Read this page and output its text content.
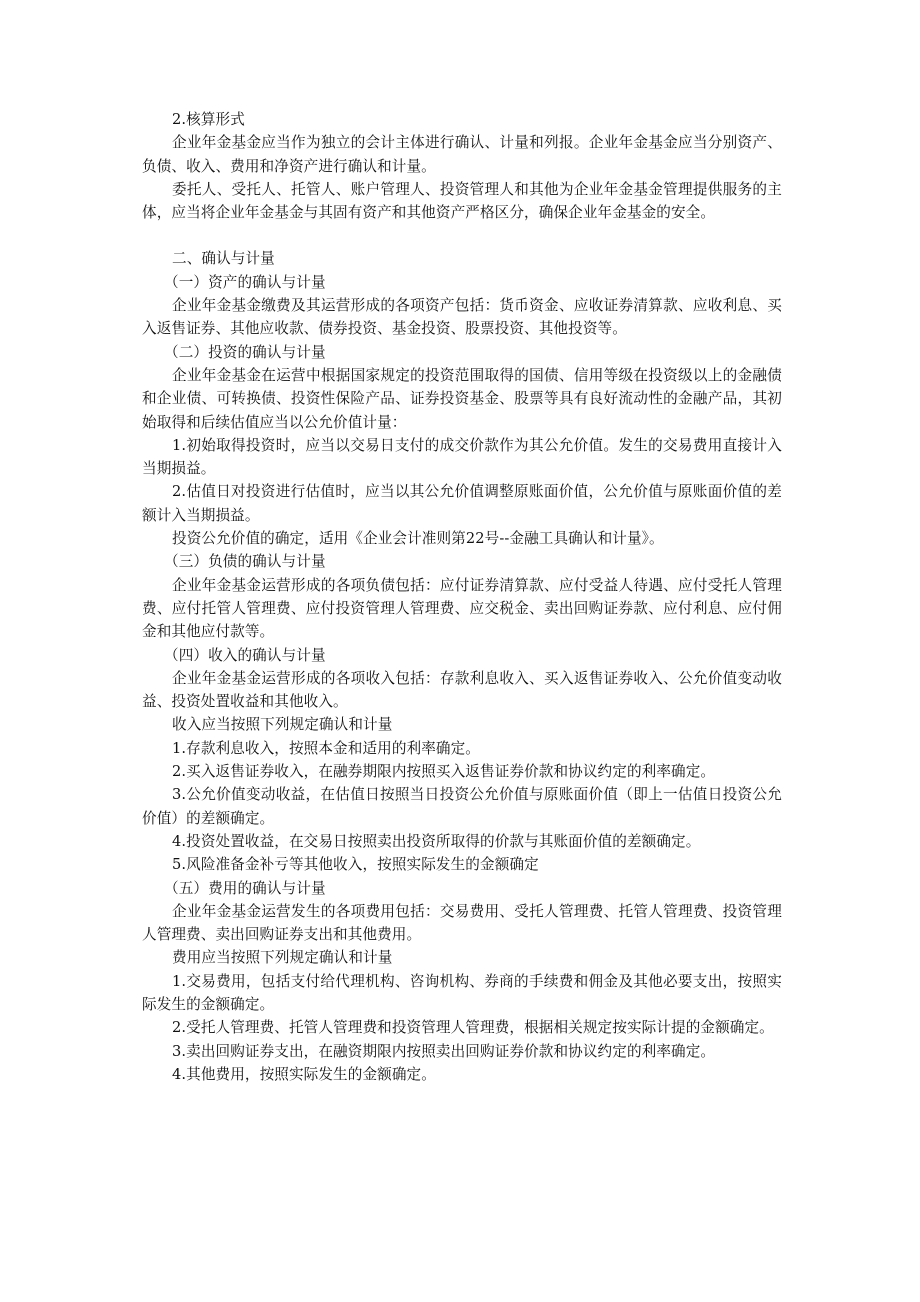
2.核算形式

企业年金基金应当作为独立的会计主体进行确认、计量和列报。企业年金基金应当分别资产、负债、收入、费用和净资产进行确认和计量。

委托人、受托人、托管人、账户管理人、投资管理人和其他为企业年金基金管理提供服务的主体，应当将企业年金基金与其固有资产和其他资产严格区分，确保企业年金基金的安全。

二、确认与计量

（一）资产的确认与计量

企业年金基金缴费及其运营形成的各项资产包括：货币资金、应收证券清算款、应收利息、买入返售证券、其他应收款、债券投资、基金投资、股票投资、其他投资等。

（二）投资的确认与计量

企业年金基金在运营中根据国家规定的投资范围取得的国债、信用等级在投资级以上的金融债和企业债、可转换债、投资性保险产品、证券投资基金、股票等具有良好流动性的金融产品，其初始取得和后续估值应当以公允价值计量：

1.初始取得投资时，应当以交易日支付的成交价款作为其公允价值。发生的交易费用直接计入当期损益。

2.估值日对投资进行估值时，应当以其公允价值调整原账面价值，公允价值与原账面价值的差额计入当期损益。

投资公允价值的确定，适用《企业会计准则第22号--金融工具确认和计量》。

（三）负债的确认与计量

企业年金基金运营形成的各项负债包括：应付证券清算款、应付受益人待遇、应付受托人管理费、应付托管人管理费、应付投资管理人管理费、应交税金、卖出回购证券款、应付利息、应付佣金和其他应付款等。

（四）收入的确认与计量

企业年金基金运营形成的各项收入包括：存款利息收入、买入返售证券收入、公允价值变动收益、投资处置收益和其他收入。

收入应当按照下列规定确认和计量

1.存款利息收入，按照本金和适用的利率确定。

2.买入返售证券收入，在融券期限内按照买入返售证券价款和协议约定的利率确定。

3.公允价值变动收益，在估值日按照当日投资公允价值与原账面价值（即上一估值日投资公允价值）的差额确定。

4.投资处置收益，在交易日按照卖出投资所取得的价款与其账面价值的差额确定。

5.风险准备金补亏等其他收入，按照实际发生的金额确定

（五）费用的确认与计量

企业年金基金运营发生的各项费用包括：交易费用、受托人管理费、托管人管理费、投资管理人管理费、卖出回购证券支出和其他费用。

费用应当按照下列规定确认和计量

1.交易费用，包括支付给代理机构、咨询机构、券商的手续费和佣金及其他必要支出，按照实际发生的金额确定。

2.受托人管理费、托管人管理费和投资管理人管理费，根据相关规定按实际计提的金额确定。

3.卖出回购证券支出，在融资期限内按照卖出回购证券价款和协议约定的利率确定。

4.其他费用，按照实际发生的金额确定。
